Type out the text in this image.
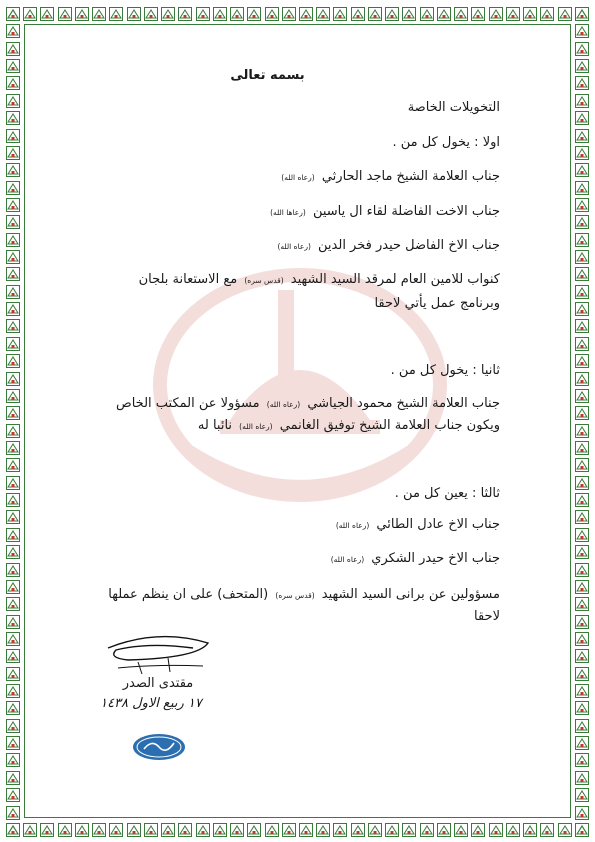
بسمه تعالى
التخويلات الخاصة
اولا : يخول كل من .
جناب العلامة الشيخ ماجد الحارثي (رعاه الله)
جناب الاخت الفاضلة لقاء ال ياسين (رعاها الله)
جناب الاخ الفاضل حيدر فخر الدين (رعاه الله)
كنواب للامين العام لمرقد السيد الشهيد (قدس سره) مع الاستعانة بلجان
وبرنامج عمل يأتي لاحقا
ثانيا : يخول كل من .
جناب العلامة الشيخ محمود الجياشي (رعاه الله) مسؤولا عن المكتب الخاص
ويكون جناب العلامة الشيخ توفيق الغانمي (رعاه الله) نائبا له
ثالثا : يعين كل من .
جناب الاخ عادل الطائي (رعاه الله)
جناب الاخ حيدر الشكري (رعاه الله)
مسؤولين عن برانى السيد الشهيد (قدس سره) (المتحف) على ان ينظم عملها
لاحقا
مقتدى الصدر
١٧ ربيع الاول ١٤٣٨
